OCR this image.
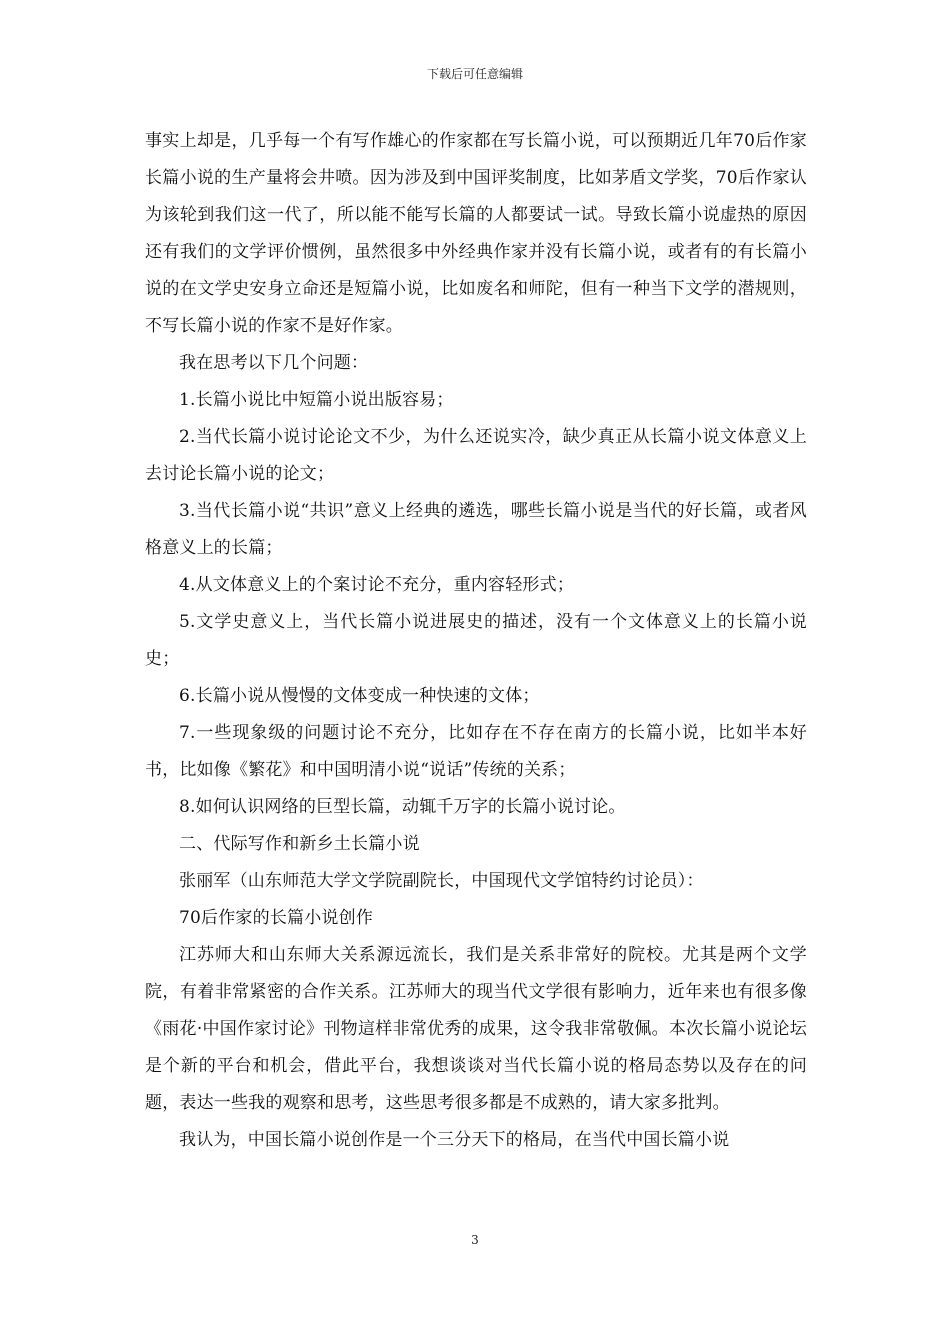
下载后可任意编辑

事实上却是，几乎每一个有写作雄心的作家都在写长篇小说，可以预期近几年70后作家长篇小说的生产量将会井喷。因为涉及到中国评奖制度，比如茅盾文学奖，70后作家认为该轮到我们这一代了，所以能不能写长篇的人都要试一试。导致长篇小说虚热的原因还有我们的文学评价惯例，虽然很多中外经典作家并没有长篇小说，或者有的有长篇小说的在文学史安身立命还是短篇小说，比如废名和师陀，但有一种当下文学的潜规则，不写长篇小说的作家不是好作家。

我在思考以下几个问题：

1.长篇小说比中短篇小说出版容易；

2.当代长篇小说讨论论文不少，为什么还说实冷，缺少真正从长篇小说文体意义上去讨论长篇小说的论文；

3.当代长篇小说“共识”意义上经典的遴选，哪些长篇小说是当代的好长篇，或者风格意义上的长篇；

4.从文体意义上的个案讨论不充分，重内容轻形式；

5.文学史意义上，当代长篇小说进展史的描述，没有一个文体意义上的长篇小说史；

6.长篇小说从慢慢的文体变成一种快速的文体；

7.一些现象级的问题讨论不充分，比如存在不存在南方的长篇小说，比如半本好书，比如像《繁花》和中国明清小说“说话”传统的关系；

8.如何认识网络的巨型长篇，动辄千万字的长篇小说讨论。

二、代际写作和新乡土长篇小说

张丽军（山东师范大学文学院副院长，中国现代文学馆特约讨论员）：

70后作家的长篇小说创作

江苏师大和山东师大关系源远流长，我们是关系非常好的院校。尤其是两个文学院，有着非常紧密的合作关系。江苏师大的现当代文学很有影响力，近年来也有很多像《雨花·中国作家讨论》刊物這样非常优秀的成果，这令我非常敬佩。本次长篇小说论坛是个新的平台和机会，借此平台，我想谈谈对当代长篇小说的格局态势以及存在的问题，表达一些我的观察和思考，这些思考很多都是不成熟的，请大家多批判。

我认为，中国长篇小说创作是一个三分天下的格局，在当代中国长篇小说

3
